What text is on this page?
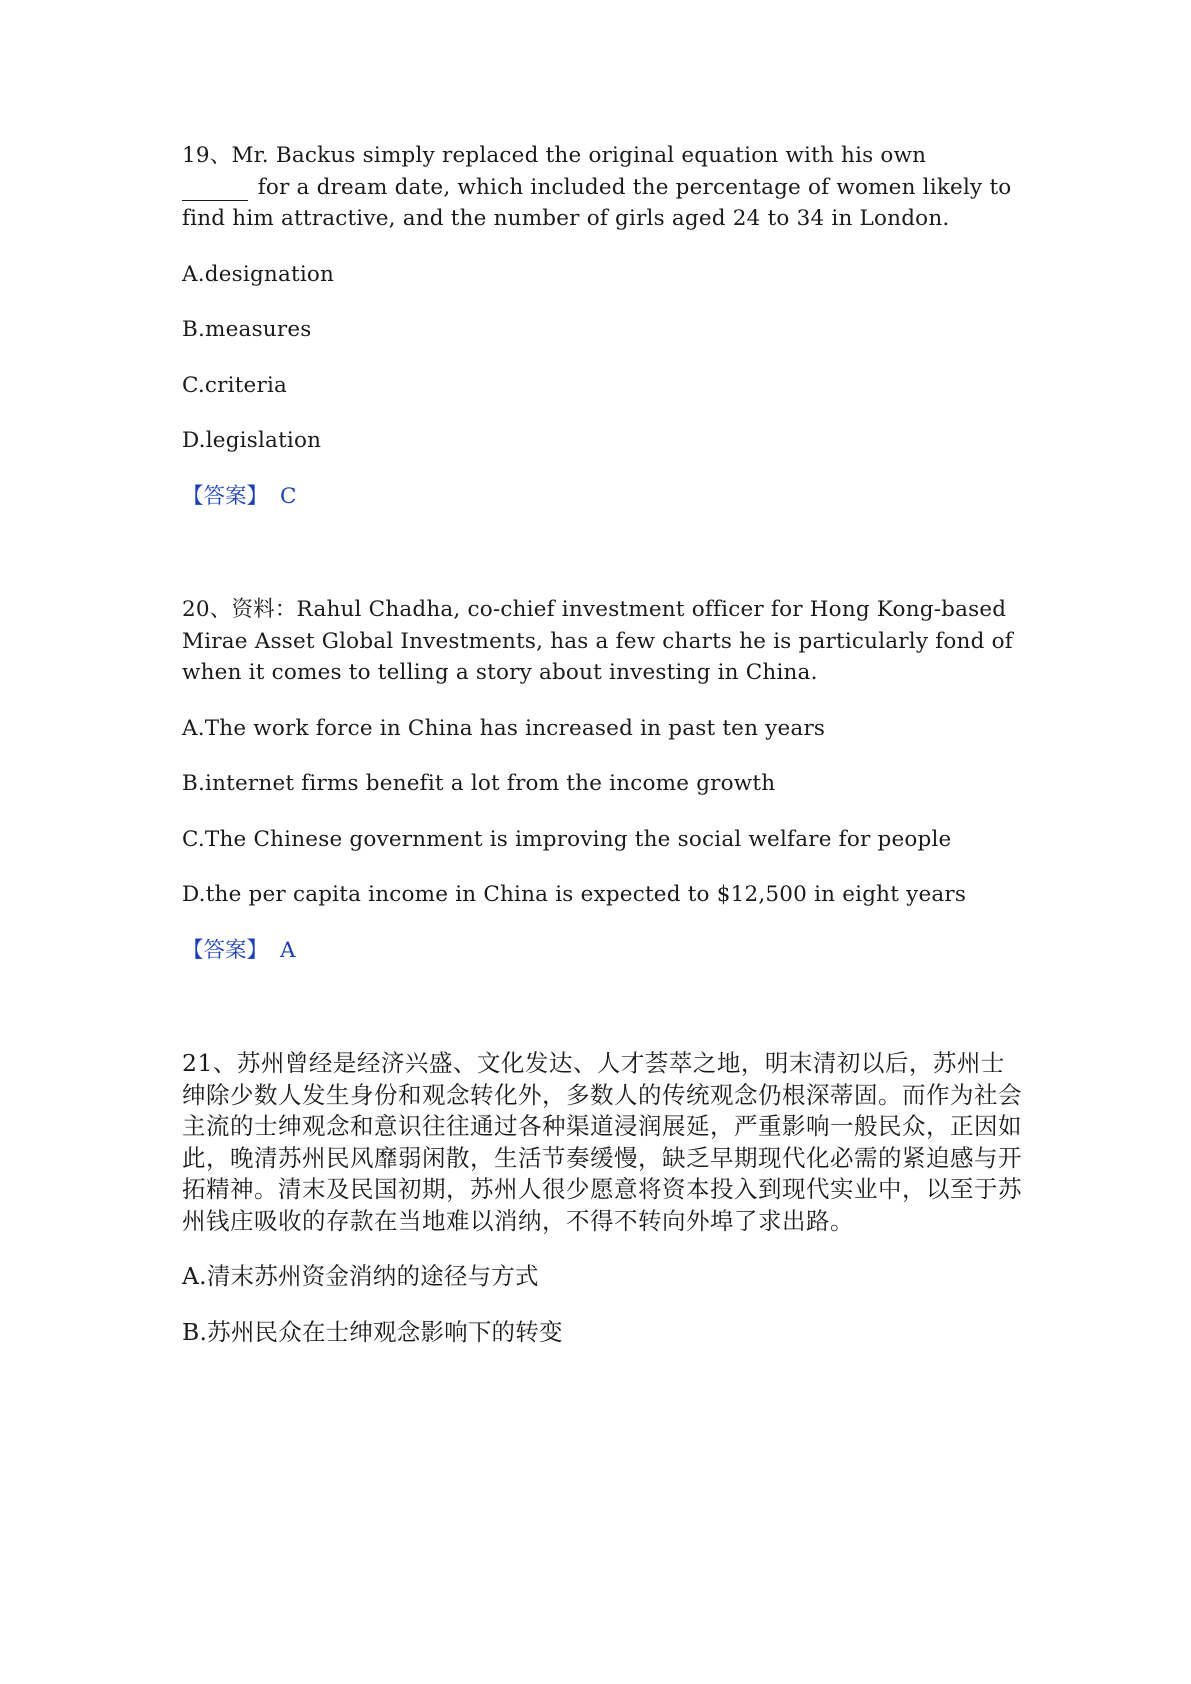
19、Mr. Backus simply replaced the original equation with his own
for a dream date, which included the percentage of women likely to find him attractive, and the number of girls aged 24 to 34 in London.

A.designation

B.measures

C.criteria

D.legislation

【答案】 C

20、资料：Rahul Chadha, co-chief investment officer for Hong Kong-based Mirae Asset Global Investments, has a few charts he is particularly fond of when it comes to telling a story about investing in China.

A.The work force in China has increased in past ten years

B.internet firms benefit a lot from the income growth

C.The Chinese government is improving the social welfare for people

D.the per capita income in China is expected to $12,500 in eight years

【答案】 A

21、苏州曾经是经济兴盛、文化发达、人才荟萃之地，明末清初以后，苏州士绅除少数人发生身份和观念转化外，多数人的传统观念仍根深蒂固。而作为社会主流的士绅观念和意识往往通过各种渠道浸润展延，严重影响一般民众，正因如此，晚清苏州民风靡弱闲散，生活节奏缓慢，缺乏早期现代化必需的紧迫感与开拓精神。清末及民国初期，苏州人很少愿意将资本投入到现代实业中，以至于苏州钱庄吸收的存款在当地难以消纳，不得不转向外埠了求出路。

A.清末苏州资金消纳的途径与方式

B.苏州民众在士绅观念影响下的转变
